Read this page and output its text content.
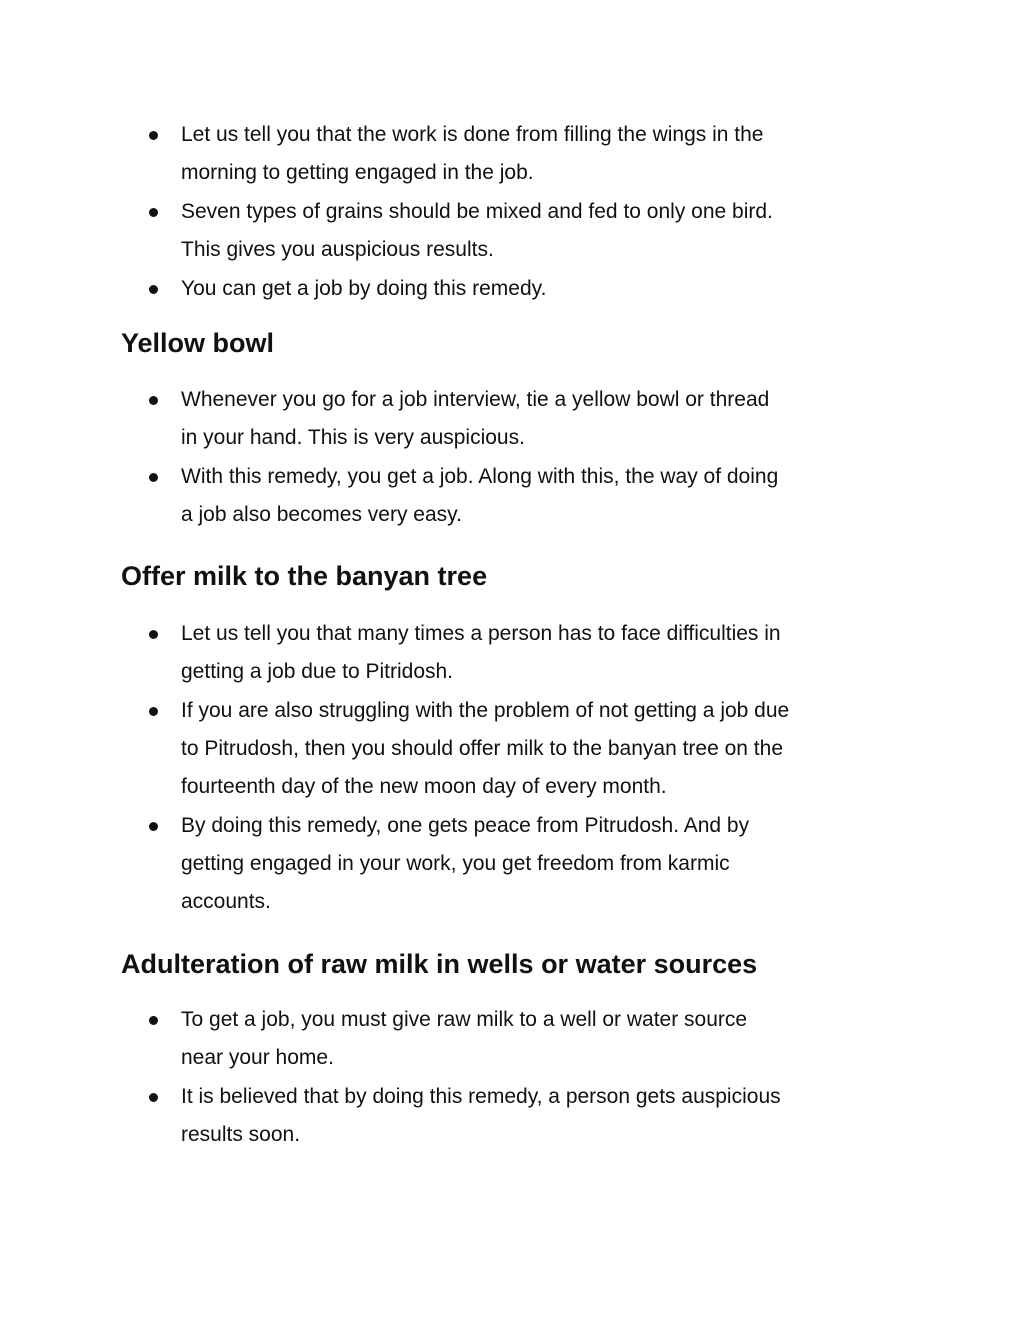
Let us tell you that the work is done from filling the wings in the
morning to getting engaged in the job.
Seven types of grains should be mixed and fed to only one bird.
This gives you auspicious results.
You can get a job by doing this remedy.
Yellow bowl
Whenever you go for a job interview, tie a yellow bowl or thread
in your hand. This is very auspicious.
With this remedy, you get a job. Along with this, the way of doing
a job also becomes very easy.
Offer milk to the banyan tree
Let us tell you that many times a person has to face difficulties in
getting a job due to Pitridosh.
If you are also struggling with the problem of not getting a job due
to Pitrudosh, then you should offer milk to the banyan tree on the
fourteenth day of the new moon day of every month.
By doing this remedy, one gets peace from Pitrudosh. And by
getting engaged in your work, you get freedom from karmic
accounts.
Adulteration of raw milk in wells or water sources
To get a job, you must give raw milk to a well or water source
near your home.
It is believed that by doing this remedy, a person gets auspicious
results soon.
